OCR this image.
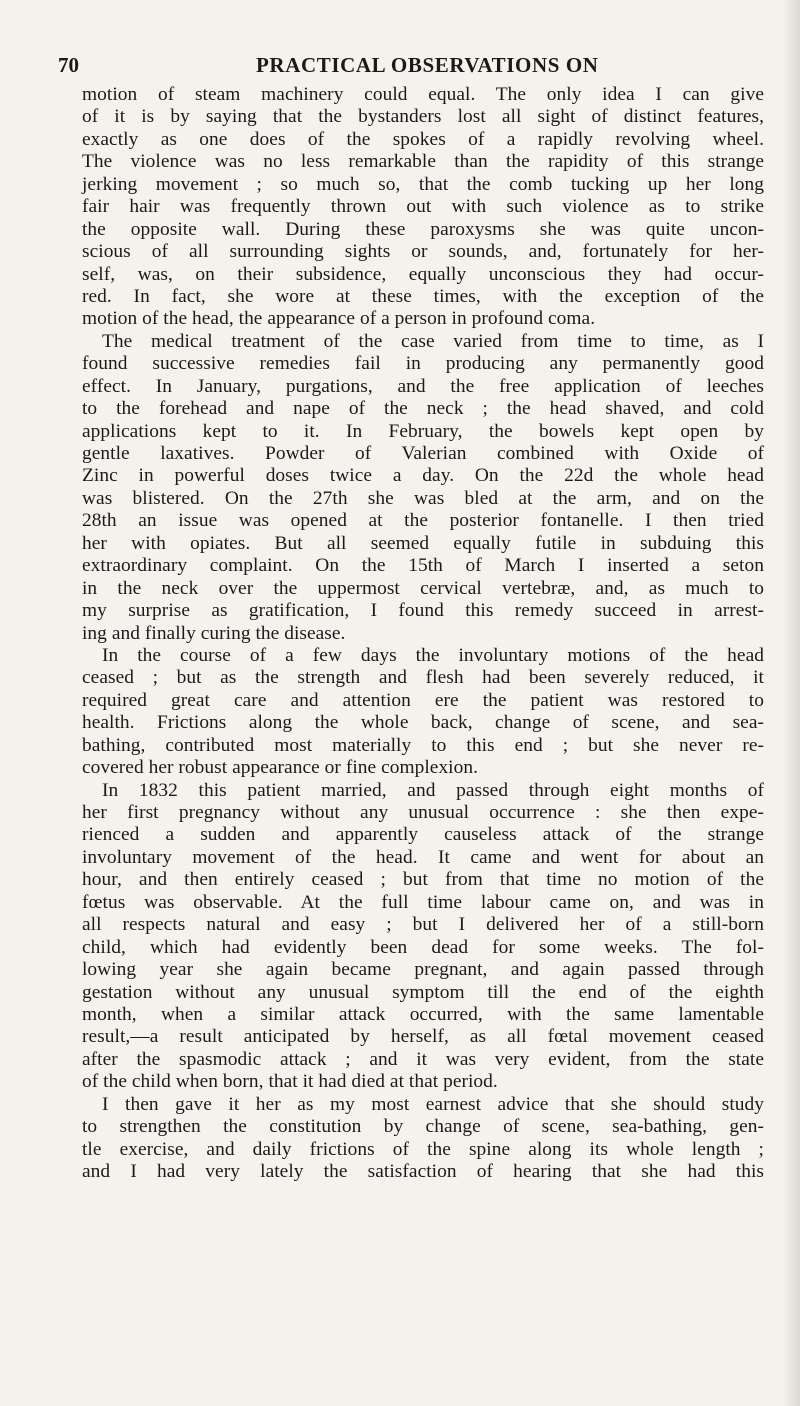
70	PRACTICAL OBSERVATIONS ON
motion of steam machinery could equal. The only idea I can give
of it is by saying that the bystanders lost all sight of distinct features,
exactly as one does of the spokes of a rapidly revolving wheel.
The violence was no less remarkable than the rapidity of this strange
jerking movement ; so much so, that the comb tucking up her long
fair hair was frequently thrown out with such violence as to strike
the opposite wall. During these paroxysms she was quite uncon-
scious of all surrounding sights or sounds, and, fortunately for her-
self, was, on their subsidence, equally unconscious they had occur-
red. In fact, she wore at these times, with the exception of the
motion of the head, the appearance of a person in profound coma.
The medical treatment of the case varied from time to time, as I
found successive remedies fail in producing any permanently good
effect. In January, purgations, and the free application of leeches
to the forehead and nape of the neck ; the head shaved, and cold
applications kept to it. In February, the bowels kept open by
gentle laxatives. Powder of Valerian combined with Oxide of
Zinc in powerful doses twice a day. On the 22d the whole head
was blistered. On the 27th she was bled at the arm, and on the
28th an issue was opened at the posterior fontanelle. I then tried
her with opiates. But all seemed equally futile in subduing this
extraordinary complaint. On the 15th of March I inserted a seton
in the neck over the uppermost cervical vertebræ, and, as much to
my surprise as gratification, I found this remedy succeed in arrest-
ing and finally curing the disease.
In the course of a few days the involuntary motions of the head
ceased ; but as the strength and flesh had been severely reduced, it
required great care and attention ere the patient was restored to
health. Frictions along the whole back, change of scene, and sea-
bathing, contributed most materially to this end ; but she never re-
covered her robust appearance or fine complexion.
In 1832 this patient married, and passed through eight months of
her first pregnancy without any unusual occurrence : she then expe-
rienced a sudden and apparently causeless attack of the strange
involuntary movement of the head. It came and went for about an
hour, and then entirely ceased ; but from that time no motion of the
fœtus was observable. At the full time labour came on, and was in
all respects natural and easy ; but I delivered her of a still-born
child, which had evidently been dead for some weeks. The fol-
lowing year she again became pregnant, and again passed through
gestation without any unusual symptom till the end of the eighth
month, when a similar attack occurred, with the same lamentable
result,—a result anticipated by herself, as all fœtal movement ceased
after the spasmodic attack ; and it was very evident, from the state
of the child when born, that it had died at that period.
I then gave it her as my most earnest advice that she should study
to strengthen the constitution by change of scene, sea-bathing, gen-
tle exercise, and daily frictions of the spine along its whole length ;
and I had very lately the satisfaction of hearing that she had this
